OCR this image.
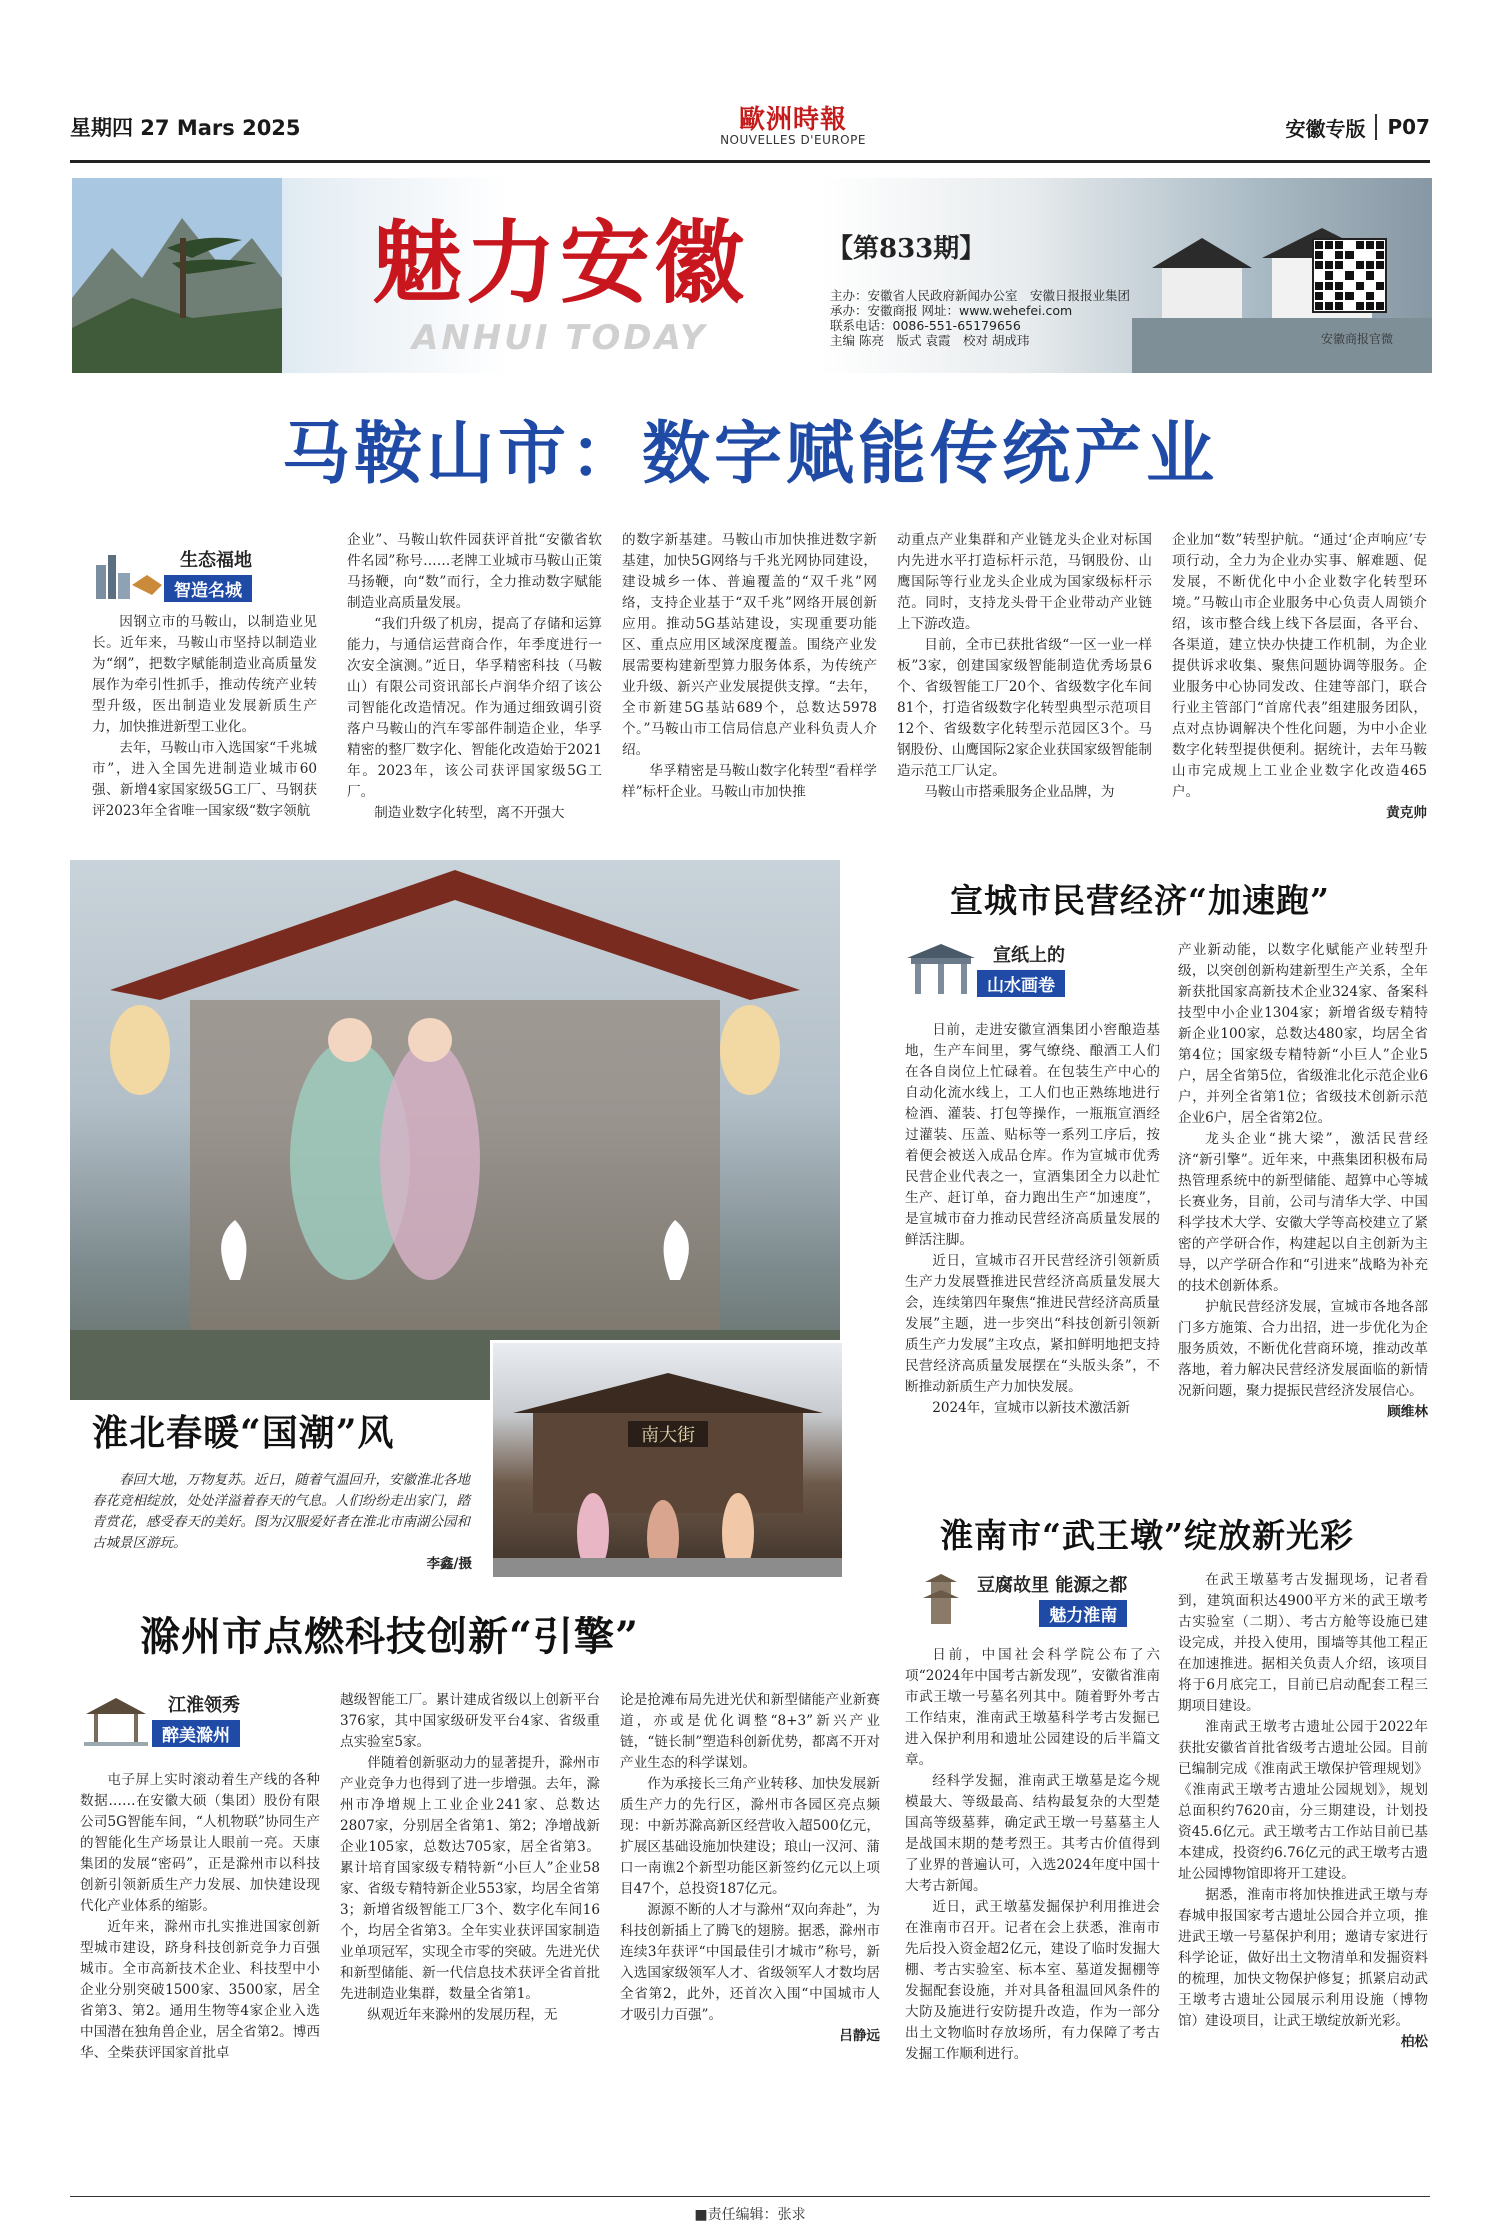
星期四 27 Mars 2025	歐洲時報
NOUVELLES D'EUROPE	安徽专版 P07
魅力安徽
ANHUI TODAY
【第833期】
主办：安徽省人民政府新闻办公室　安徽日报报业集团
承办：安徽商报 网址：www.wehefei.com
联系电话：0086-551-65179656
主编 陈亮　版式 袁霞　校对 胡成玮	安徽商报官微
马鞍山市：数字赋能传统产业
生态福地
智造名城

因钢立市的马鞍山，以制造业见长。近年来，马鞍山市坚持以制造业为“纲”，把数字赋能制造业高质量发展作为牵引性抓手，推动传统产业转型升级，医出制造业发展新质生产力，加快推进新型工业化。

去年，马鞍山市入选国家“千兆城市”，进入全国先进制造业城市60强、新增4家国家级5G工厂、马钢获评2023年全省唯一国家级“数字领航

企业”、马鞍山软件园获评首批“安徽省软件名园”称号……老牌工业城市马鞍山正策马扬鞭，向“数”而行，全力推动数字赋能制造业高质量发展。

“我们升级了机房，提高了存储和运算能力，与通信运营商合作，年季度进行一次安全演测。”近日，华孚精密科技（马鞍山）有限公司资讯部长卢润华介绍了该公司智能化改造情况。作为通过细致调引资落户马鞍山的汽车零部件制造企业，华孚精密的整厂数字化、智能化改造始于2021年。2023年，该公司获评国家级5G工厂。

制造业数字化转型，离不开强大

的数字新基建。马鞍山市加快推进数字新基建，加快5G网络与千兆光网协同建设，建设城乡一体、普遍覆盖的“双千兆”网络，支持企业基于“双千兆”网络开展创新应用。推动5G基站建设，实现重要功能区、重点应用区域深度覆盖。围绕产业发展需要构建新型算力服务体系，为传统产业升级、新兴产业发展提供支撑。“去年，全市新建5G基站689个，总数达5978个。”马鞍山市工信局信息产业科负责人介绍。

华孚精密是马鞍山数字化转型“看样学样”标杆企业。马鞍山市加快推

动重点产业集群和产业链龙头企业对标国内先进水平打造标杆示范，马钢股份、山鹰国际等行业龙头企业成为国家级标杆示范。同时，支持龙头骨干企业带动产业链上下游改造。

目前，全市已获批省级“一区一业一样板”3家，创建国家级智能制造优秀场景6个、省级智能工厂20个、省级数字化车间81个，打造省级数字化转型典型示范项目12个、省级数字化转型示范园区3个。马钢股份、山鹰国际2家企业获国家级智能制造示范工厂认定。

马鞍山市搭乘服务企业品牌，为

企业加“数”转型护航。“通过‘企声响应’专项行动，全力为企业办实事、解难题、促发展，不断优化中小企业数字化转型环境。”马鞍山市企业服务中心负责人周锁介绍，该市整合线上线下各层面，各平台、各渠道，建立快办快捷工作机制，为企业提供诉求收集、聚焦问题协调等服务。企业服务中心协同发改、住建等部门，联合行业主管部门“首席代表”组建服务团队，点对点协调解决个性化问题，为中小企业数字化转型提供便利。据统计，去年马鞍山市完成规上工业企业数字化改造465户。

黄克帅

南大街
淮北春暖“国潮”风
春回大地，万物复苏。近日，随着气温回升，安徽淮北各地春花竞相绽放，处处洋溢着春天的气息。人们纷纷走出家门，踏青赏花，感受春天的美好。图为汉服爱好者在淮北市南湖公园和古城景区游玩。
李鑫/摄
宣城市民营经济“加速跑”
宣纸上的
山水画卷

日前，走进安徽宣酒集团小窖酿造基地，生产车间里，雾气缭绕、酿酒工人们在各自岗位上忙碌着。在包装生产中心的自动化流水线上，工人们也正熟练地进行检酒、灌装、打包等操作，一瓶瓶宣酒经过灌装、压盖、贴标等一系列工序后，按着便会被送入成品仓库。作为宣城市优秀民营企业代表之一，宣酒集团全力以赴忙生产、赶订单，奋力跑出生产“加速度”，是宣城市奋力推动民营经济高质量发展的鲜活注脚。

近日，宣城市召开民营经济引领新质生产力发展暨推进民营经济高质量发展大会，连续第四年聚焦“推进民营经济高质量发展”主题，进一步突出“科技创新引领新质生产力发展”主攻点，紧扣鲜明地把支持民营经济高质量发展摆在“头版头条”，不断推动新质生产力加快发展。

2024年，宣城市以新技术激活新

产业新动能，以数字化赋能产业转型升级，以突创创新构建新型生产关系，全年新获批国家高新技术企业324家、备案科技型中小企业1304家；新增省级专精特新企业100家，总数达480家，均居全省第4位；国家级专精特新“小巨人”企业5户，居全省第5位，省级淮北化示范企业6户，并列全省第1位；省级技术创新示范企业6户，居全省第2位。

龙头企业“挑大梁”，激活民营经济“新引擎”。近年来，中燕集团积极布局热管理系统中的新型储能、超算中心等城长赛业务，目前，公司与清华大学、中国科学技术大学、安徽大学等高校建立了紧密的产学研合作，构建起以自主创新为主导，以产学研合作和“引进来”战略为补充的技术创新体系。

护航民营经济发展，宣城市各地各部门多方施策、合力出招，进一步优化为企服务质效，不断优化营商环境，推动改革落地，着力解决民营经济发展面临的新情况新问题，聚力提振民营经济发展信心。

顾维林

淮南市“武王墩”绽放新光彩
豆腐故里 能源之都
魅力淮南

日前，中国社会科学院公布了六项“2024年中国考古新发现”，安徽省淮南市武王墩一号墓名列其中。随着野外考古工作结束，淮南武王墩墓科学考古发掘已进入保护利用和遗址公园建设的后半篇文章。

经科学发掘，淮南武王墩墓是迄今规模最大、等级最高、结构最复杂的大型楚国高等级墓葬，确定武王墩一号墓墓主人是战国末期的楚考烈王。其考古价值得到了业界的普遍认可，入选2024年度中国十大考古新闻。

近日，武王墩墓发掘保护利用推进会在淮南市召开。记者在会上获悉，淮南市先后投入资金超2亿元，建设了临时发掘大棚、考古实验室、标本室、墓道发掘棚等发掘配套设施，并对具备租温回风条件的大防及施进行安防提升改造，作为一部分出土文物临时存放场所，有力保障了考古发掘工作顺利进行。

在武王墩墓考古发掘现场，记者看到，建筑面积达4900平方米的武王墩考古实验室（二期）、考古方舱等设施已建设完成，并投入使用，围墙等其他工程正在加速推进。据相关负责人介绍，该项目将于6月底完工，目前已启动配套工程三期项目建设。

淮南武王墩考古遗址公园于2022年获批安徽省首批省级考古遗址公园。目前已编制完成《淮南武王墩保护管理规划》《淮南武王墩考古遗址公园规划》，规划总面积约7620亩，分三期建设，计划投资45.6亿元。武王墩考古工作站目前已基本建成，投资约6.76亿元的武王墩考古遗址公园博物馆即将开工建设。

据悉，淮南市将加快推进武王墩与寿春城申报国家考古遗址公园合并立项，推进武王墩一号墓保护利用；邀请专家进行科学论证，做好出土文物清单和发掘资料的梳理，加快文物保护修复；抓紧启动武王墩考古遗址公园展示利用设施（博物馆）建设项目，让武王墩绽放新光彩。

柏松

滁州市点燃科技创新“引擎”
江淮领秀
醉美滁州

屯子屏上实时滚动着生产线的各种数据……在安徽大硕（集团）股份有限公司5G智能车间，“人机物联”协同生产的智能化生产场景让人眼前一亮。天康集团的发展“密码”，正是滁州市以科技创新引领新质生产力发展、加快建设现代化产业体系的缩影。

近年来，滁州市扎实推进国家创新型城市建设，跻身科技创新竞争力百强城市。全市高新技术企业、科技型中小企业分别突破1500家、3500家，居全省第3、第2。通用生物等4家企业入选中国潜在独角兽企业，居全省第2。博西华、全柴获评国家首批卓

越级智能工厂。累计建成省级以上创新平台376家，其中国家级研发平台4家、省级重点实验室5家。

伴随着创新驱动力的显著提升，滁州市产业竞争力也得到了进一步增强。去年，滁州市净增规上工业企业241家、总数达2807家，分别居全省第1、第2；净增战新企业105家，总数达705家，居全省第3。累计培育国家级专精特新“小巨人”企业58家、省级专精特新企业553家，均居全省第3；新增省级智能工厂3个、数字化车间16个，均居全省第3。全年实业获评国家制造业单项冠军，实现全市零的突破。先进光伏和新型储能、新一代信息技术获评全省首批先进制造业集群，数量全省第1。

纵观近年来滁州的发展历程，无

论是抢滩布局先进光伏和新型储能产业新赛道，亦或是优化调整“8+3”新兴产业链，“链长制”塑造科创新优势，都离不开对产业生态的科学谋划。

作为承接长三角产业转移、加快发展新质生产力的先行区，滁州市各园区亮点频现：中新苏滁高新区经营收入超500亿元，扩展区基础设施加快建设；琅山一汉河、蒲口一南谯2个新型功能区新签约亿元以上项目47个，总投资187亿元。

源源不断的人才与滁州“双向奔赴”，为科技创新插上了腾飞的翅膀。据悉，滁州市连续3年获评“中国最佳引才城市”称号，新入选国家级领军人才、省级领军人才数均居全省第2，此外，还首次入围“中国城市人才吸引力百强”。

吕静远

■责任编辑：张求
